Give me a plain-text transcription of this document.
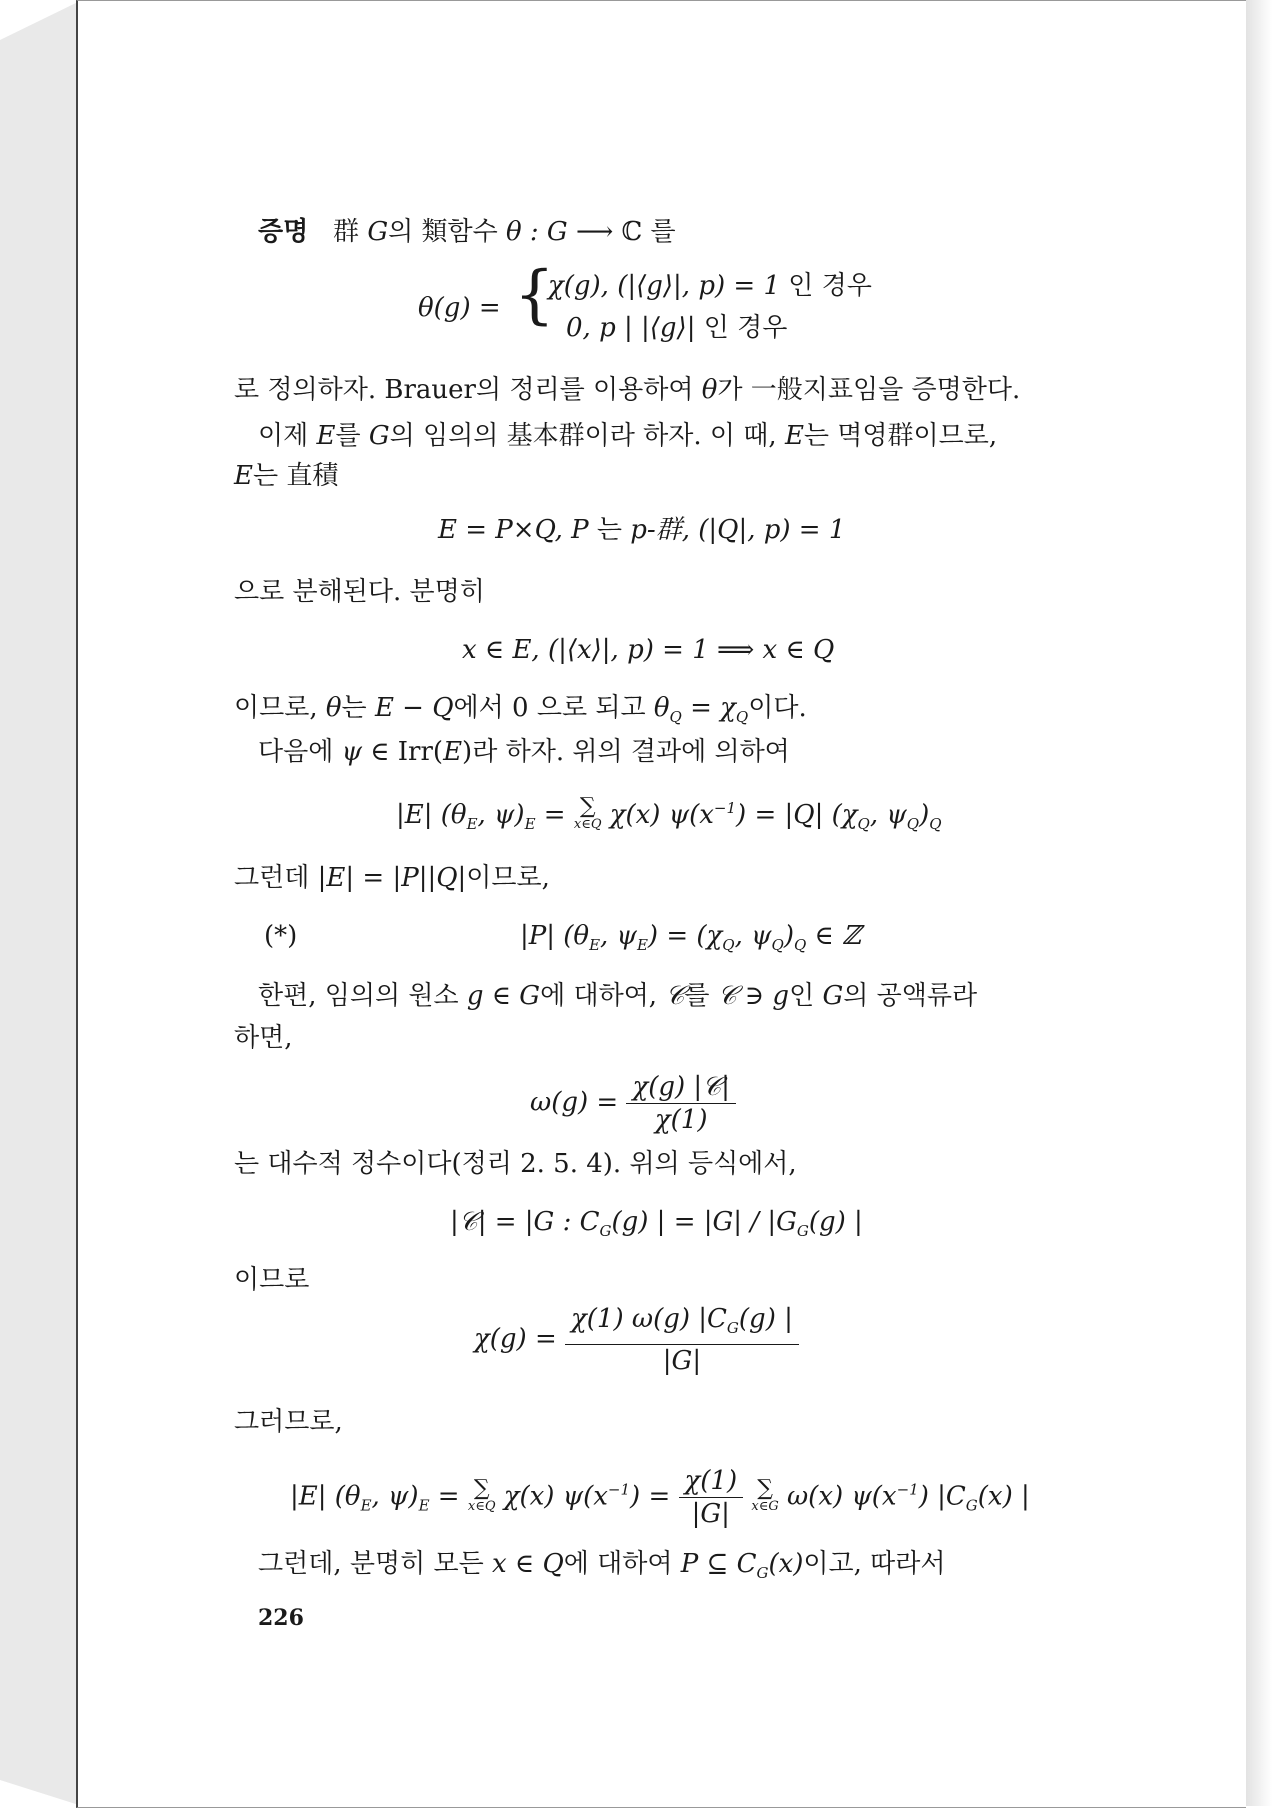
증명 群 G의 類함수 θ : G ⟶ ℂ 를
θ(g) = {
χ(g), (|⟨g⟩|, p) = 1 인 경우
0, p | |⟨g⟩| 인 경우
로 정의하자. Brauer의 정리를 이용하여 θ가 一般지표임을 증명한다.
이제 E를 G의 임의의 基本群이라 하자. 이 때, E는 멱영群이므로,
E는 直積
E = P×Q, P 는 p-群, (|Q|, p) = 1
으로 분해된다. 분명히
x ∈ E, (|⟨x⟩|, p) = 1 ⟹ x ∈ Q
이므로, θ는 E − Q에서 0 으로 되고 $\theta_Q = \chi_Q$이다.
다음에 ψ ∈ Irr(E)라 하자. 위의 결과에 의하여
|E| ($\theta_E$, $\psi)_E$ = ∑
x∈Q χ(x) $\psi(x^{-1}) = |Q|$ ($\chi_Q$, $\psi_Q)_Q$
그런데 |E| = |P||Q|이므로,
(*)	|P| ($\theta_E$, $\psi_E) = (\chi_Q$, $\psi_Q)_Q$ ∈ ℤ
한편, 임의의 원소 g ∈ G에 대하여, 𝒞를 𝒞 ∋ g인 G의 공액류라
하면,
$\omega(g) = \frac{\text{χ(g) |𝒞|}}{\chi(1)}$
는 대수적 정수이다(정리 2. 5. 4). 위의 등식에서,
|𝒞| = |G : $C_G(g)$ | = $|G| / |G_G(g)$ |
이므로
$\chi(g) = \frac{\chi(1) \omega(g) |C_G(g) |}{|G|}$
그러므로,
|E| ($\theta_E$, $\psi)_E$ = ∑
x∈Q χ(x) $\psi(x^{-1}) = \frac{\chi(1)}{|G|}$
∑
x∈G ω(x) $\psi(x^{-1})$ $|C_G(x)$ |
그런데, 분명히 모든 x ∈ Q에 대하여 P ⊆ $C_G(x)$이고, 따라서
226
